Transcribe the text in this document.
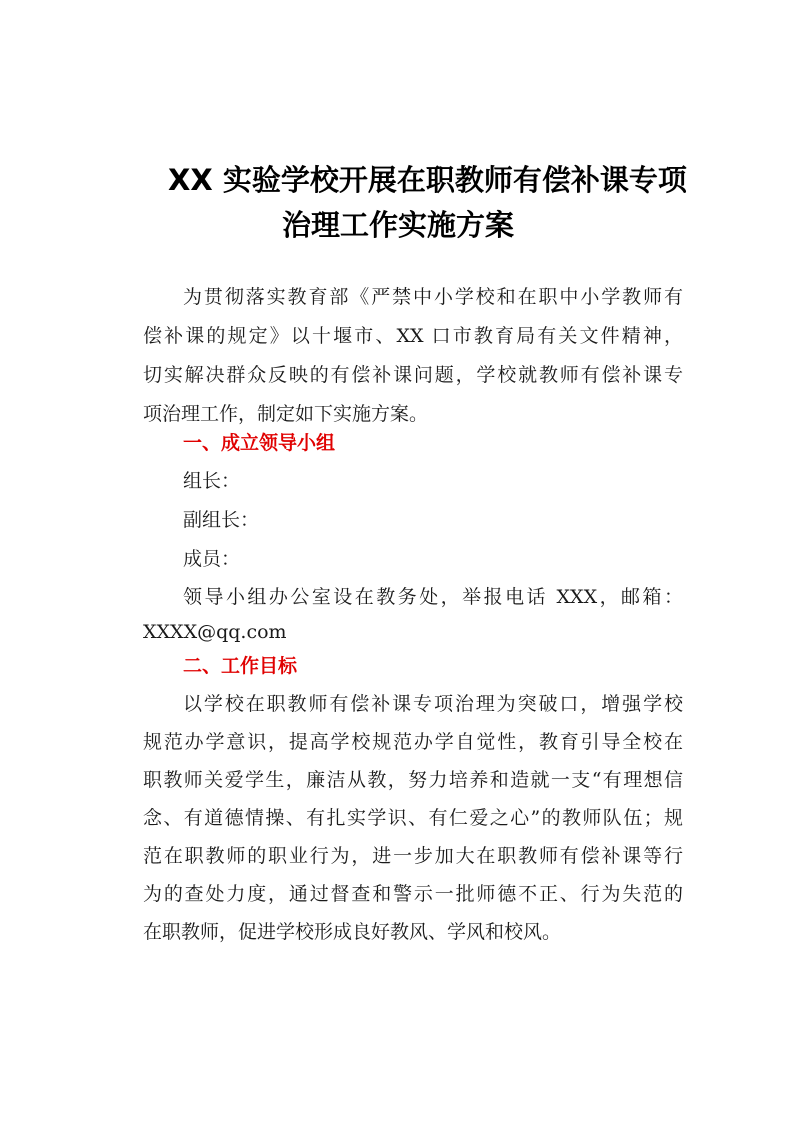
XX 实验学校开展在职教师有偿补课专项
治理工作实施方案
为贯彻落实教育部《严禁中小学校和在职中小学教师有
偿补课的规定》以十堰市、XX 口市教育局有关文件精神，
切实解决群众反映的有偿补课问题，学校就教师有偿补课专
项治理工作，制定如下实施方案。
一、成立领导小组
组长：
副组长：
成员：
领导小组办公室设在教务处，举报电话 XXX，邮箱：
XXXX@qq.com
二、工作目标
以学校在职教师有偿补课专项治理为突破口，增强学校
规范办学意识，提高学校规范办学自觉性，教育引导全校在
职教师关爱学生，廉洁从教，努力培养和造就一支“有理想信
念、有道德情操、有扎实学识、有仁爱之心”的教师队伍；规
范在职教师的职业行为，进一步加大在职教师有偿补课等行
为的查处力度，通过督查和警示一批师德不正、行为失范的
在职教师，促进学校形成良好教风、学风和校风。
